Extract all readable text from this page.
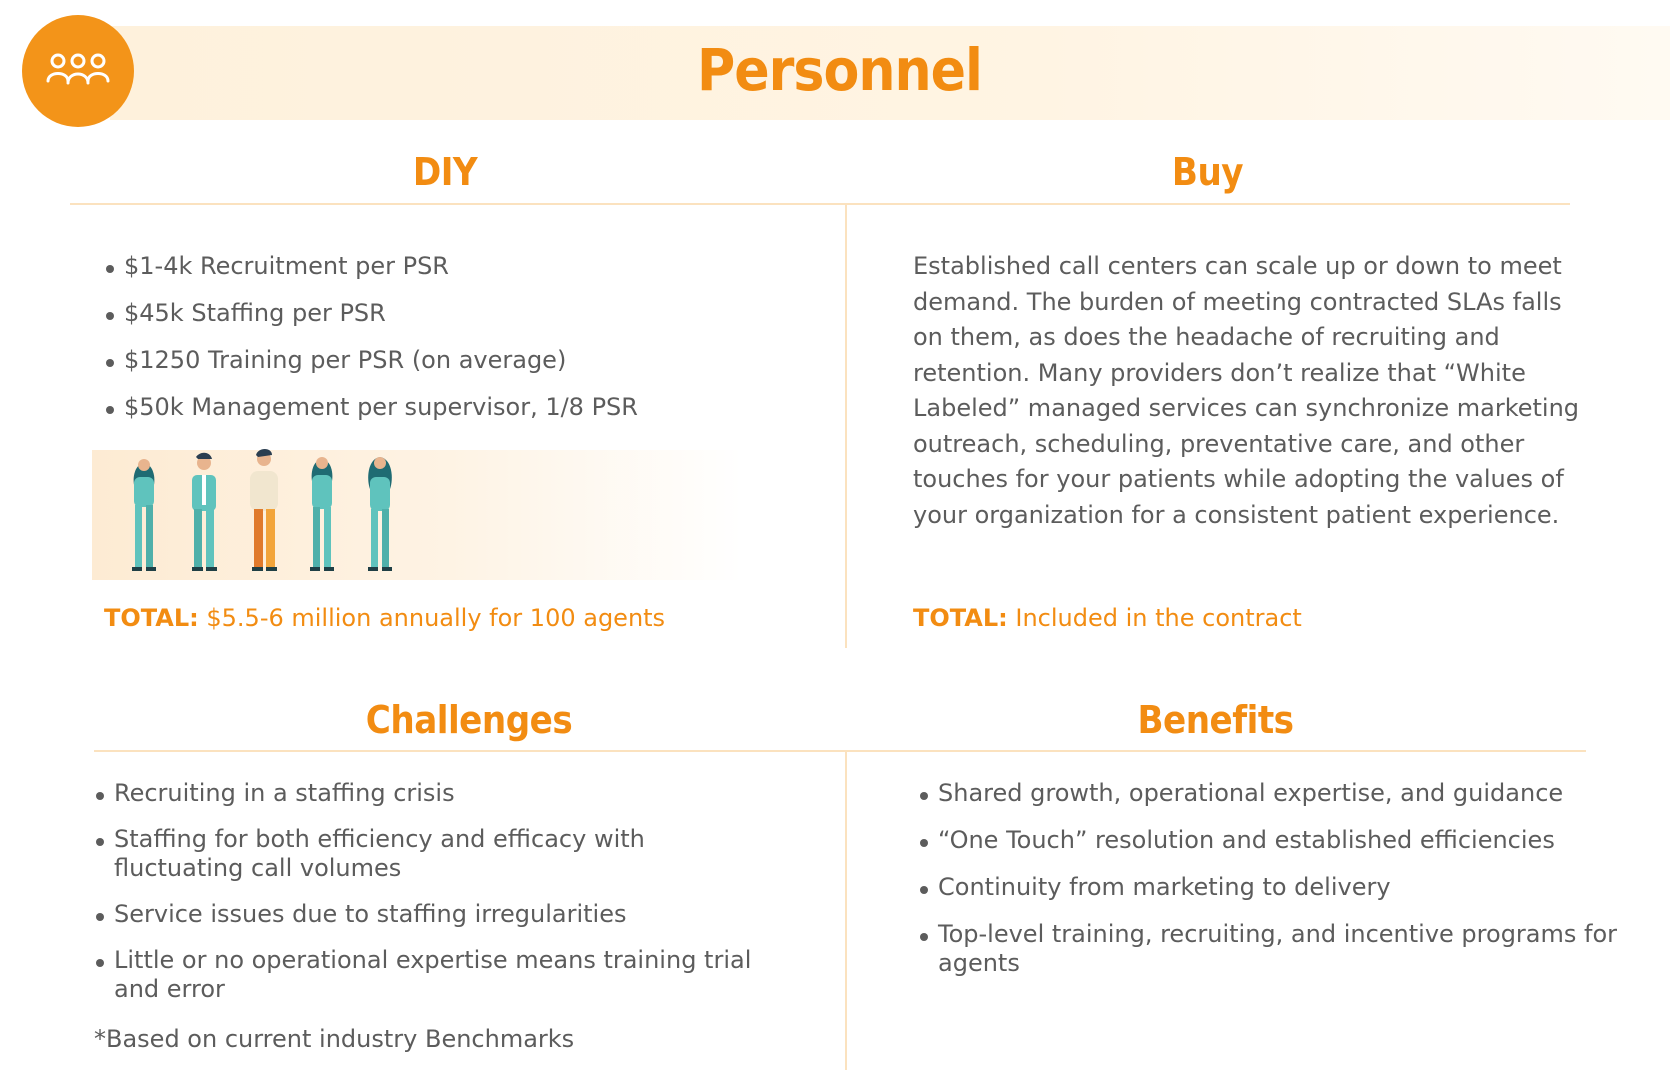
Personnel
DIY
$1-4k Recruitment per PSR
$45k Staffing per PSR
$1250 Training per PSR (on average)
$50k Management per supervisor, 1/8 PSR

TOTAL: $5.5-6 million annually for 100 agents

Buy

Established call centers can scale up or down to meet demand. The burden of meeting contracted SLAs falls on them, as does the headache of recruiting and retention. Many providers don’t realize that “White Labeled” managed services can synchronize marketing outreach, scheduling, preventative care, and other touches for your patients while adopting the values of your organization for a consistent patient experience.

TOTAL: Included in the contract

Challenges
Recruiting in a staffing crisis
Staffing for both efficiency and efficacy with fluctuating call volumes
Service issues due to staffing irregularities
Little or no operational expertise means training trial and error

*Based on current industry Benchmarks

Benefits
Shared growth, operational expertise, and guidance
“One Touch” resolution and established efficiencies
Continuity from marketing to delivery
Top-level training, recruiting, and incentive programs for agents
